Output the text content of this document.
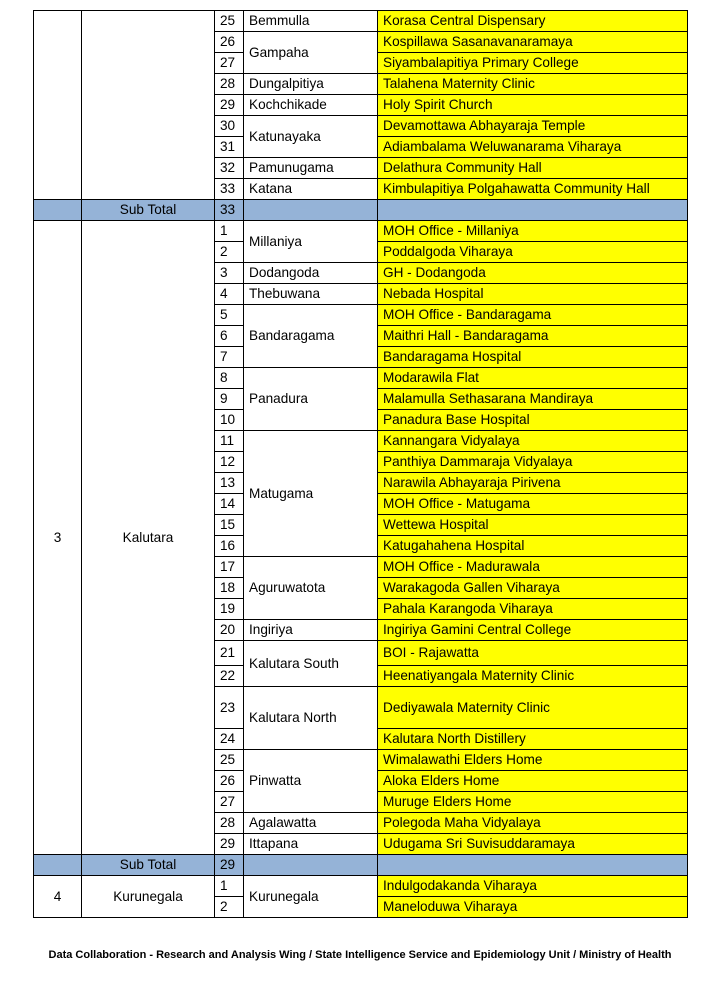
		25	Bemmulla	Korasa Central Dispensary
		26	Gampaha	Kospillawa Sasanavanaramaya
		27		Siyambalapitiya Primary College
		28	Dungalpitiya	Talahena Maternity Clinic
		29	Kochchikade	Holy Spirit Church
		30	Katunayaka	Devamottawa Abhayaraja Temple
		31		Adiambalama Weluwanarama Viharaya
		32	Pamunugama	Delathura Community Hall
		33	Katana	Kimbulapitiya Polgahawatta Community Hall
	Sub Total	33		
3	Kalutara	1	Millaniya	MOH Office - Millaniya
		2		Poddalgoda Viharaya
		3	Dodangoda	GH - Dodangoda
		4	Thebuwana	Nebada Hospital
		5	Bandaragama	MOH Office - Bandaragama
		6		Maithri Hall - Bandaragama
		7		Bandaragama Hospital
		8	Panadura	Modarawila Flat
		9		Malamulla Sethasarana Mandiraya
		10		Panadura Base Hospital
		11	Matugama	Kannangara Vidyalaya
		12		Panthiya Dammaraja Vidyalaya
		13		Narawila Abhayaraja Pirivena
		14		MOH Office - Matugama
		15		Wettewa Hospital
		16		Katugahahena Hospital
		17	Aguruwatota	MOH Office - Madurawala
		18		Warakagoda Gallen Viharaya
		19		Pahala Karangoda Viharaya
		20	Ingiriya	Ingiriya Gamini Central College
		21	Kalutara South	BOI - Rajawatta
		22		Heenatiyangala Maternity Clinic
		23	Kalutara North	Dediyawala Maternity Clinic
		24		Kalutara North Distillery
		25	Pinwatta	Wimalawathi Elders Home
		26		Aloka Elders Home
		27		Muruge Elders Home
		28	Agalawatta	Polegoda Maha Vidyalaya
		29	Ittapana	Udugama Sri Suvisuddaramaya
	Sub Total	29		
4	Kurunegala	1	Kurunegala	Indulgodakanda Viharaya
		2		Maneloduwa Viharaya
Data Collaboration - Research and Analysis Wing / State Intelligence Service and Epidemiology Unit / Ministry of Health
